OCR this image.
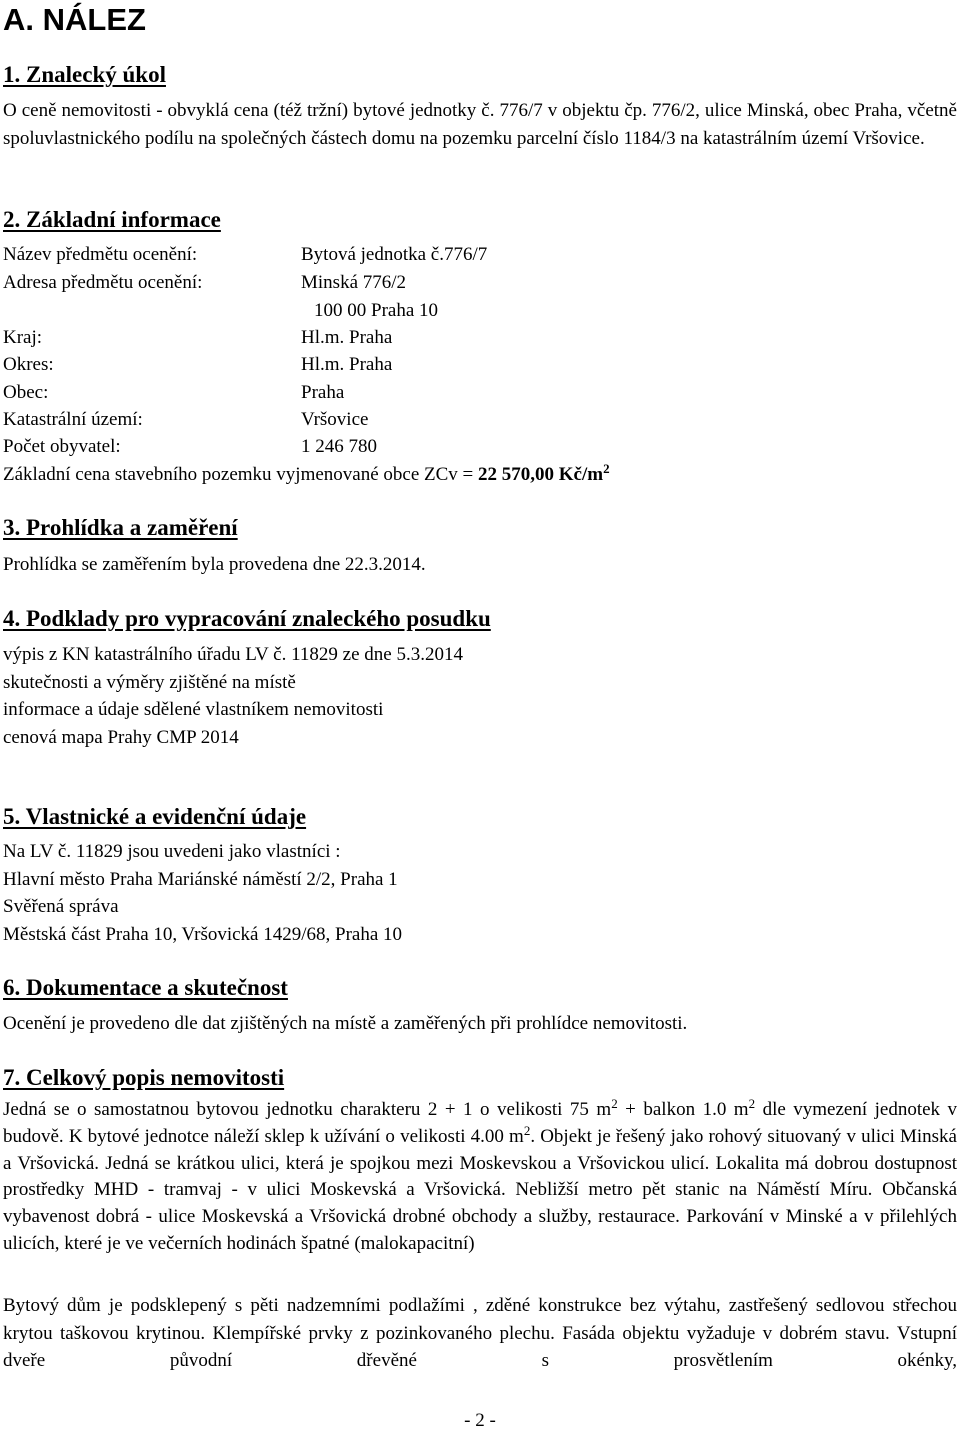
A. NÁLEZ
1. Znalecký úkol
O ceně nemovitosti - obvyklá cena (též tržní) bytové jednotky č. 776/7 v objektu čp. 776/2, ulice Minská, obec Praha, včetně spoluvlastnického podílu na společných částech domu na pozemku parcelní číslo 1184/3 na katastrálním území Vršovice.
2. Základní informace
Název předmětu ocenění:	Bytová jednotka č.776/7
Adresa předmětu ocenění:	Minská 776/2
100 00 Praha 10
Kraj:	Hl.m. Praha
Okres:	Hl.m. Praha
Obec:	Praha
Katastrální území:	Vršovice
Počet obyvatel:	1 246 780
Základní cena stavebního pozemku vyjmenované obce ZCv = 22 570,00 $Kč/m^2$
3. Prohlídka a zaměření
Prohlídka se zaměřením byla provedena dne 22.3.2014.
4. Podklady pro vypracování znaleckého posudku
výpis z KN katastrálního úřadu LV č. 11829 ze dne 5.3.2014
skutečnosti a výměry zjištěné na místě
informace a údaje sdělené vlastníkem nemovitosti
cenová mapa Prahy CMP 2014
5. Vlastnické a evidenční údaje
Na LV č. 11829 jsou uvedeni jako vlastníci :
Hlavní město Praha Mariánské náměstí 2/2, Praha 1
Svěřená správa
Městská část Praha 10, Vršovická 1429/68, Praha 10
6. Dokumentace a skutečnost
Ocenění je provedeno dle dat zjištěných na místě a zaměřených při prohlídce nemovitosti.
7. Celkový popis nemovitosti
Jedná se o samostatnou bytovou jednotku charakteru 2 + 1 o velikosti 75 $m^2$ + balkon 1.0 $m^2$ dle vymezení jednotek v budově. K bytové jednotce náleží sklep k užívání o velikosti 4.00 $m^2$. Objekt je řešený jako rohový situovaný v ulici Minská a Vršovická. Jedná se krátkou ulici, která je spojkou mezi Moskevskou a Vršovickou ulicí. Lokalita má dobrou dostupnost prostředky MHD - tramvaj - v ulici Moskevská a Vršovická. Nebližší metro pět stanic na Náměstí Míru. Občanská vybavenost dobrá - ulice Moskevská a Vršovická drobné obchody a služby, restaurace. Parkování v Minské a v přilehlých ulicích, které je ve večerních hodinách špatné (malokapacitní)
Bytový dům je podsklepený s pěti nadzemními podlažími , zděné konstrukce bez výtahu, zastřešený sedlovou střechou krytou taškovou krytinou. Klempířské prvky z pozinkovaného plechu. Fasáda objektu vyžaduje v dobrém stavu. Vstupní dveře původní dřevěné s prosvětlením okénky,
- 2 -
